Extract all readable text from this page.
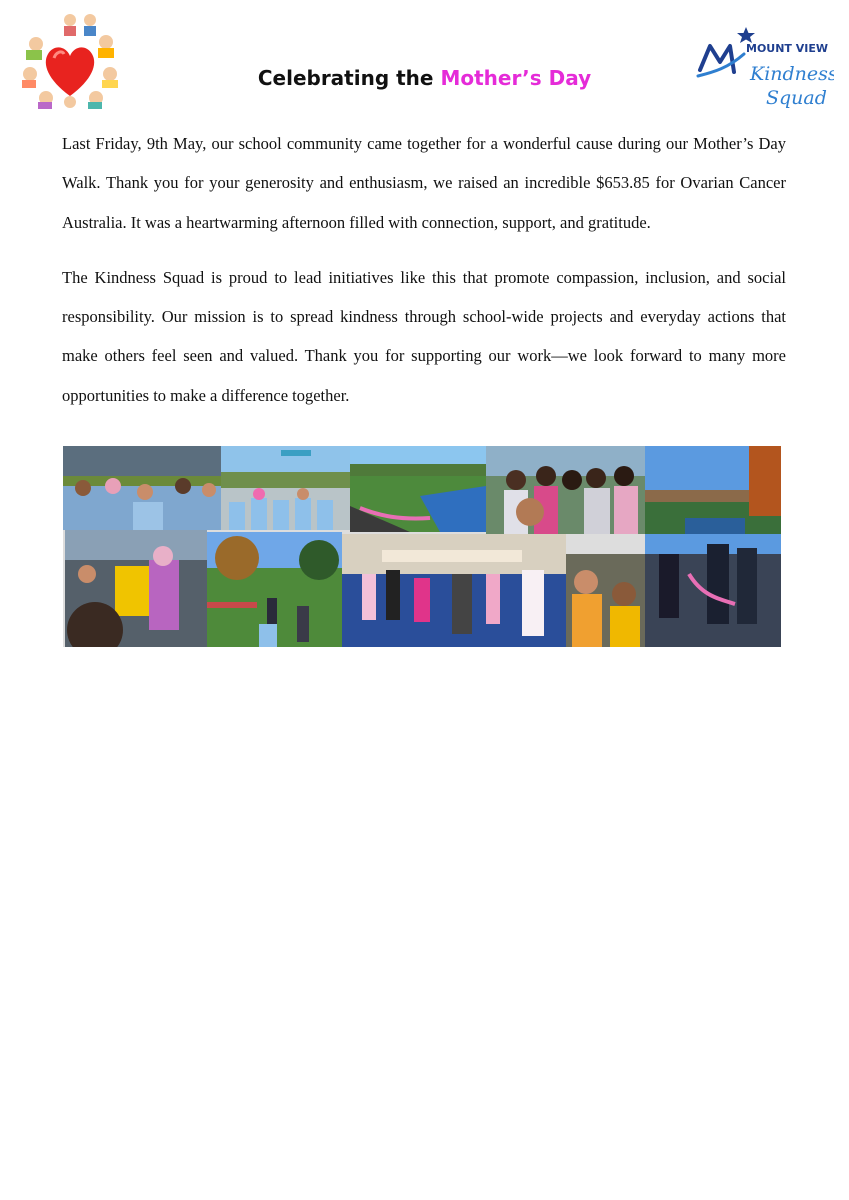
Celebrating the Mother’s Day
MOUNT VIEW
Kindness
Squad

Last Friday, 9th May, our school community came together for a wonderful cause during our Mother’s Day Walk. Thank you for your generosity and enthusiasm, we raised an incredible $653.85 for Ovarian Cancer Australia. It was a heartwarming afternoon filled with connection, support, and gratitude.

The Kindness Squad is proud to lead initiatives like this that promote compassion, inclusion, and social responsibility. Our mission is to spread kindness through school-wide projects and everyday actions that make others feel seen and valued. Thank you for supporting our work—we look forward to many more opportunities to make a difference together.
